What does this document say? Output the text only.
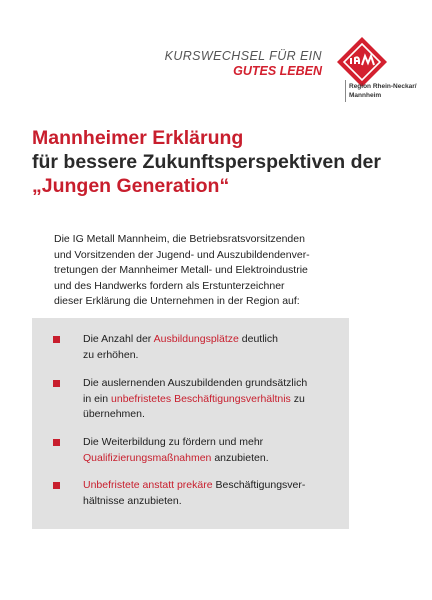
KURSWECHSEL FÜR EIN
GUTES LEBEN
Region Rhein-Neckar/
Mannheim
Mannheimer Erklärung
für bessere Zukunftsperspektiven der
„Jungen Generation“
Die IG Metall Mannheim, die Betriebsratsvorsitzenden
und Vorsitzenden der Jugend- und Auszubildendenver-
tretungen der Mannheimer Metall- und Elektroindustrie
und des Handwerks fordern als Erstunterzeichner
dieser Erklärung die Unternehmen in der Region auf:
Die Anzahl der Ausbildungsplätze deutlich
zu erhöhen.
Die auslernenden Auszubildenden grundsätzlich
in ein unbefristetes Beschäftigungsverhältnis zu
übernehmen.
Die Weiterbildung zu fördern und mehr
Qualifizierungsmaßnahmen anzubieten.
Unbefristete anstatt prekäre Beschäftigungsver-
hältnisse anzubieten.
